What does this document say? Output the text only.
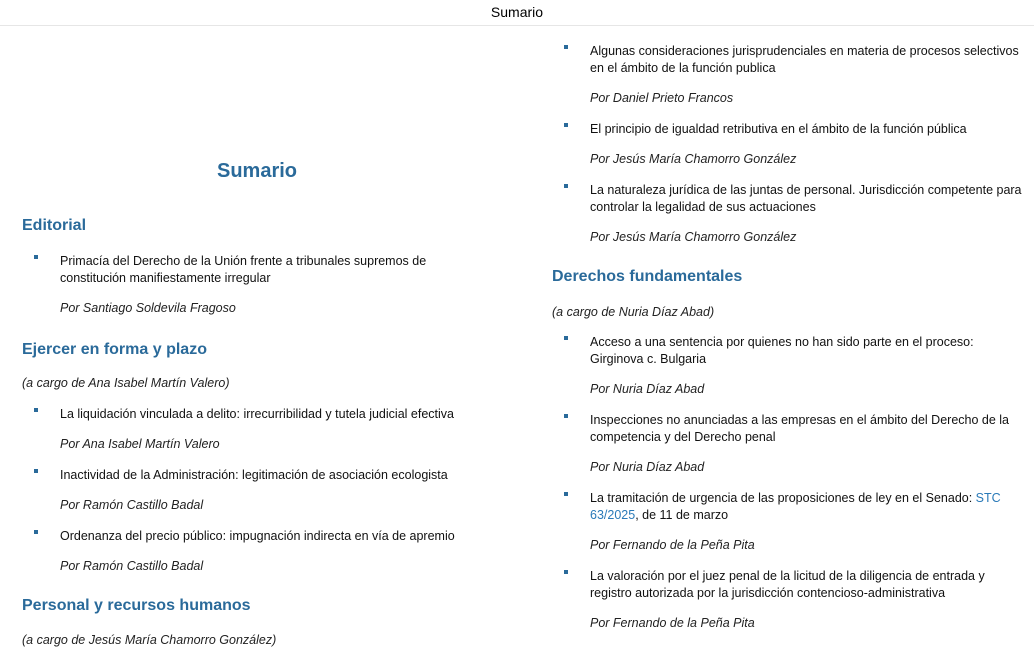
Sumario
Sumario
Editorial
Primacía del Derecho de la Unión frente a tribunales supremos de constitución manifiestamente irregular
Por Santiago Soldevila Fragoso
Ejercer en forma y plazo
(a cargo de Ana Isabel Martín Valero)
La liquidación vinculada a delito: irrecurribilidad y tutela judicial efectiva
Por Ana Isabel Martín Valero
Inactividad de la Administración: legitimación de asociación ecologista
Por Ramón Castillo Badal
Ordenanza del precio público: impugnación indirecta en vía de apremio
Por Ramón Castillo Badal
Personal y recursos humanos
(a cargo de Jesús María Chamorro González)
Algunas consideraciones jurisprudenciales en materia de procesos selectivos en el ámbito de la función publica
Por Daniel Prieto Francos
El principio de igualdad retributiva en el ámbito de la función pública
Por Jesús María Chamorro González
La naturaleza jurídica de las juntas de personal. Jurisdicción competente para controlar la legalidad de sus actuaciones
Por Jesús María Chamorro González
Derechos fundamentales
(a cargo de Nuria Díaz Abad)
Acceso a una sentencia por quienes no han sido parte en el proceso: Girginova c. Bulgaria
Por Nuria Díaz Abad
Inspecciones no anunciadas a las empresas en el ámbito del Derecho de la competencia y del Derecho penal
Por Nuria Díaz Abad
La tramitación de urgencia de las proposiciones de ley en el Senado: STC 63/2025, de 11 de marzo
Por Fernando de la Peña Pita
La valoración por el juez penal de la licitud de la diligencia de entrada y registro autorizada por la jurisdicción contencioso-administrativa
Por Fernando de la Peña Pita
